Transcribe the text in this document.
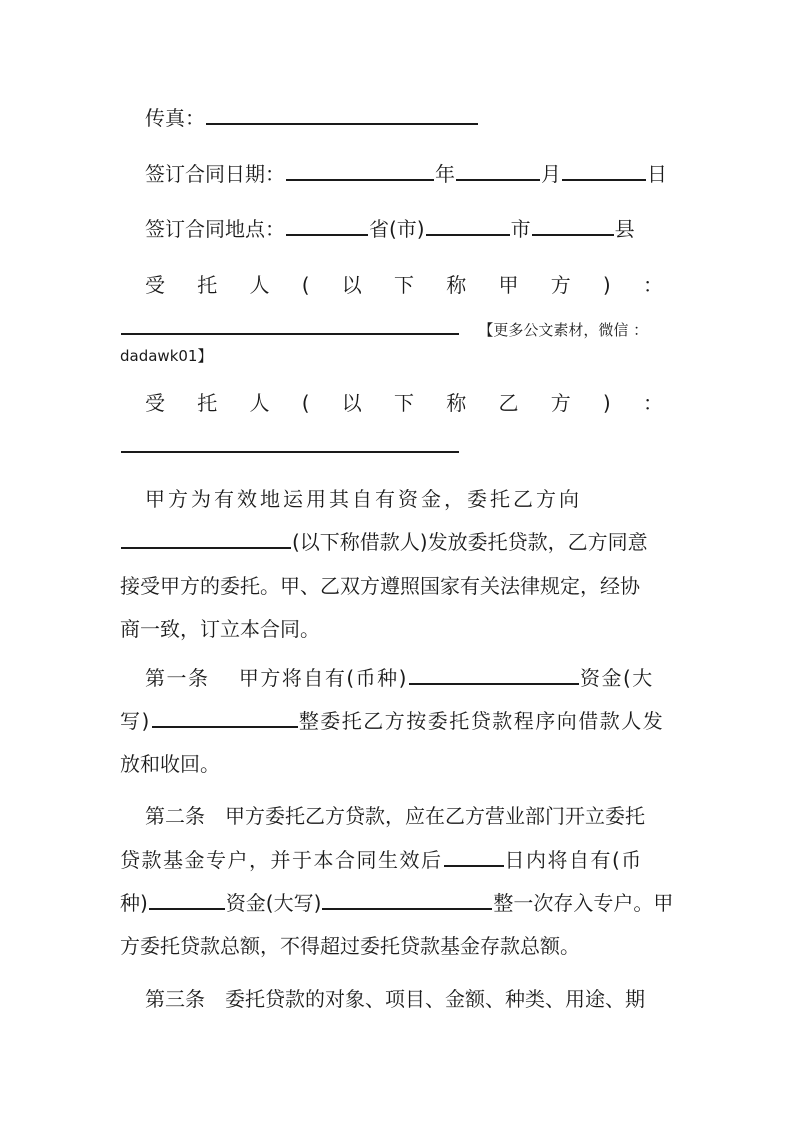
传真：
签订合同日期：	年	月	日
签订合同地点：	省(市)	市	县
受 托 人 ( 以 下 称 甲 方 ) ：
【更多公文素材，微信 ：
dadawk01】
受 托 人 ( 以 下 称 乙 方 ) ：
甲方为有效地运用其自有资金，委托乙方向
(以下称借款人)发放委托贷款，乙方同意
接受甲方的委托。甲、乙双方遵照国家有关法律规定，经协
商一致，订立本合同。
第一条　 甲方将自有(币种)	资金(大
写)	整委托乙方按委托贷款程序向借款人发
放和收回。
第二条　甲方委托乙方贷款，应在乙方营业部门开立委托
贷款基金专户，并于本合同生效后	日内将自有(币
种)	资金(大写)	整一次存入专户。甲
方委托贷款总额，不得超过委托贷款基金存款总额。
第三条　委托贷款的对象、项目、金额、种类、用途、期
